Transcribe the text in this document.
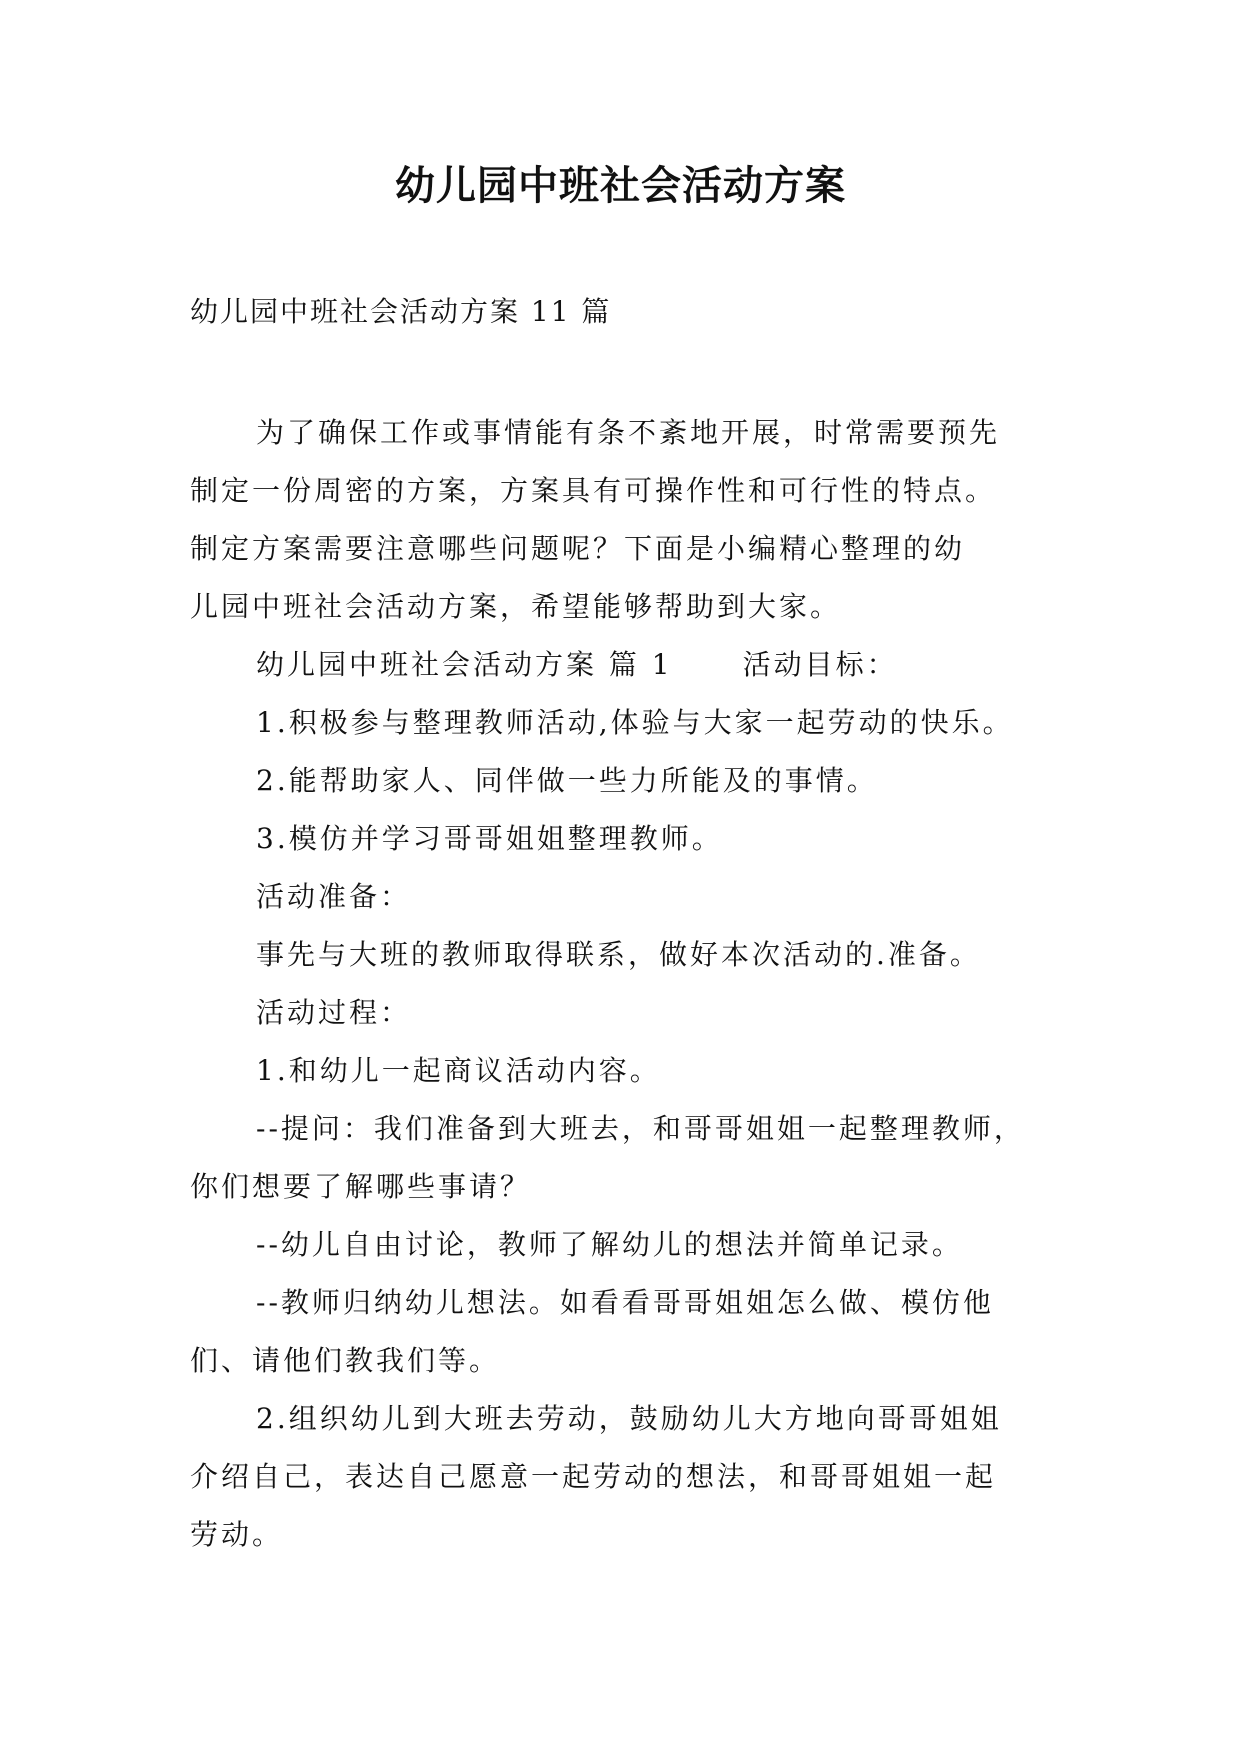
幼儿园中班社会活动方案
幼儿园中班社会活动方案 11 篇
为了确保工作或事情能有条不紊地开展，时常需要预先
制定一份周密的方案，方案具有可操作性和可行性的特点。
制定方案需要注意哪些问题呢？下面是小编精心整理的幼
儿园中班社会活动方案，希望能够帮助到大家。
幼儿园中班社会活动方案 篇 1	活动目标：
1.积极参与整理教师活动,体验与大家一起劳动的快乐。
2.能帮助家人、同伴做一些力所能及的事情。
3.模仿并学习哥哥姐姐整理教师。
活动准备：
事先与大班的教师取得联系，做好本次活动的.准备。
活动过程：
1.和幼儿一起商议活动内容。
--提问：我们准备到大班去，和哥哥姐姐一起整理教师，
你们想要了解哪些事请？
--幼儿自由讨论，教师了解幼儿的想法并简单记录。
--教师归纳幼儿想法。如看看哥哥姐姐怎么做、模仿他
们、请他们教我们等。
2.组织幼儿到大班去劳动，鼓励幼儿大方地向哥哥姐姐
介绍自己，表达自己愿意一起劳动的想法，和哥哥姐姐一起
劳动。
